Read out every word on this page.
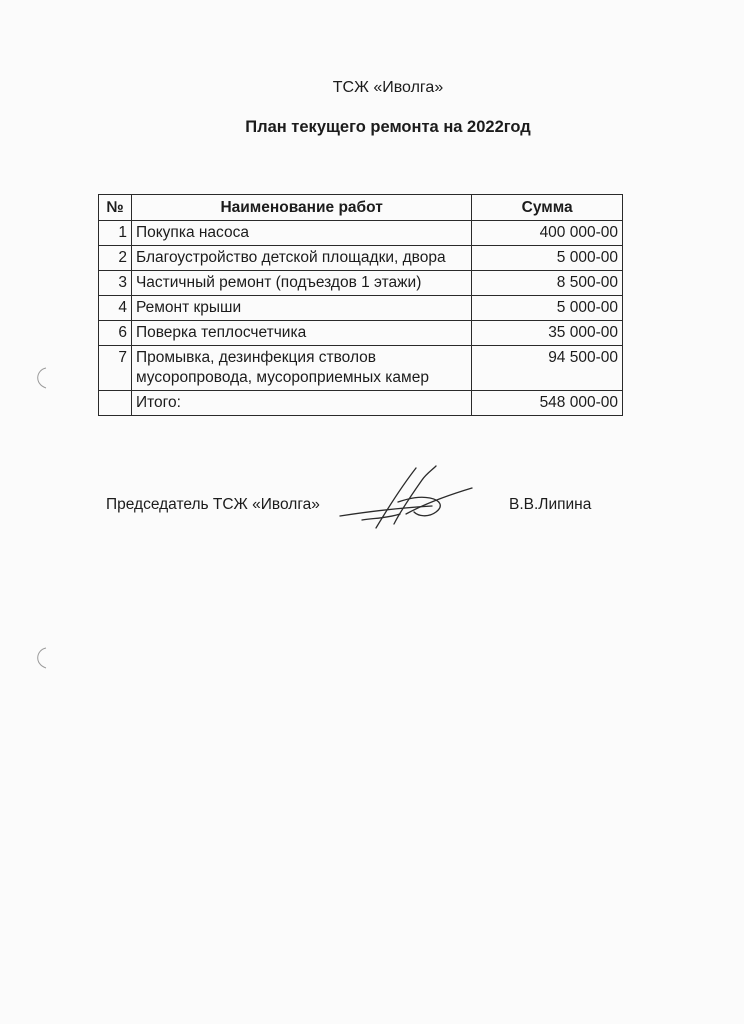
ТСЖ «Иволга»
План текущего ремонта на 2022год
№	Наименование работ	Сумма
1	Покупка насоса	400 000-00
2	Благоустройство детской площадки, двора	5 000-00
3	Частичный ремонт (подъездов 1 этажи)	8 500-00
4	Ремонт крыши	5 000-00
6	Поверка теплосчетчика	35 000-00
7	Промывка, дезинфекция стволов мусоропровода, мусороприемных камер	94 500-00
	Итого:	548 000-00
Председатель ТСЖ «Иволга»	В.В.Липина
